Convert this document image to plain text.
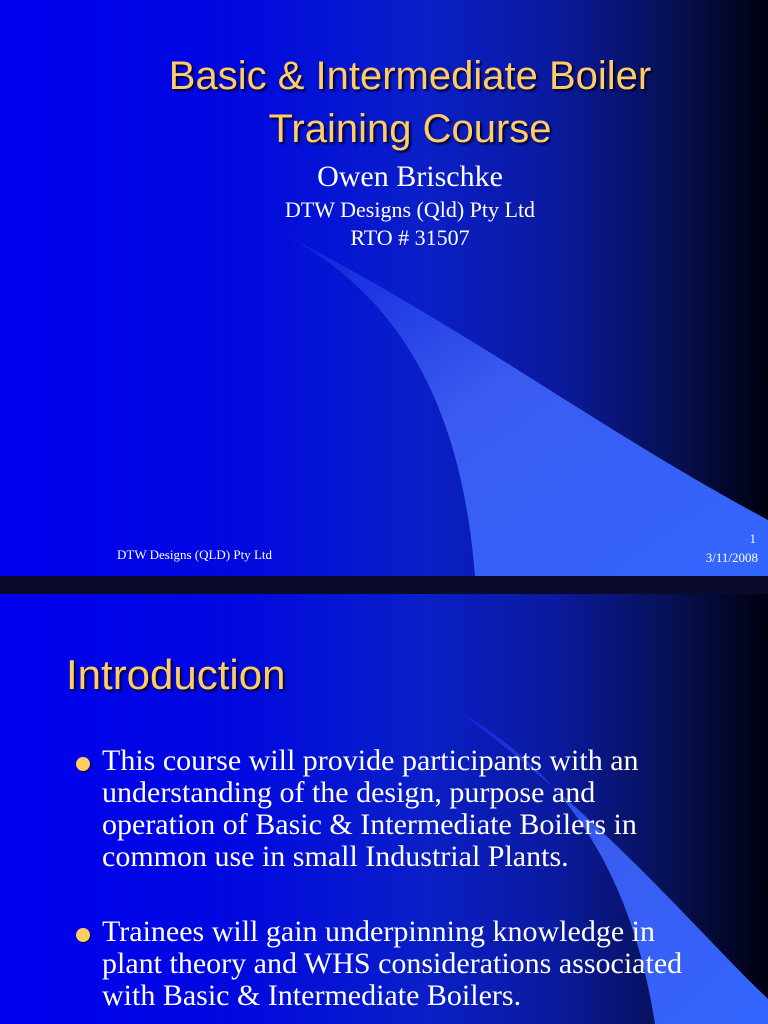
Basic & Intermediate Boiler
Training Course
Owen Brischke
DTW Designs (Qld) Pty Ltd
RTO # 31507
DTW Designs (QLD) Pty Ltd
1
3/11/2008
Introduction
This course will provide participants with an understanding of the design, purpose and operation of Basic & Intermediate Boilers in common use in small Industrial Plants.
Trainees will gain underpinning knowledge in plant theory and WHS considerations associated with Basic & Intermediate Boilers.
